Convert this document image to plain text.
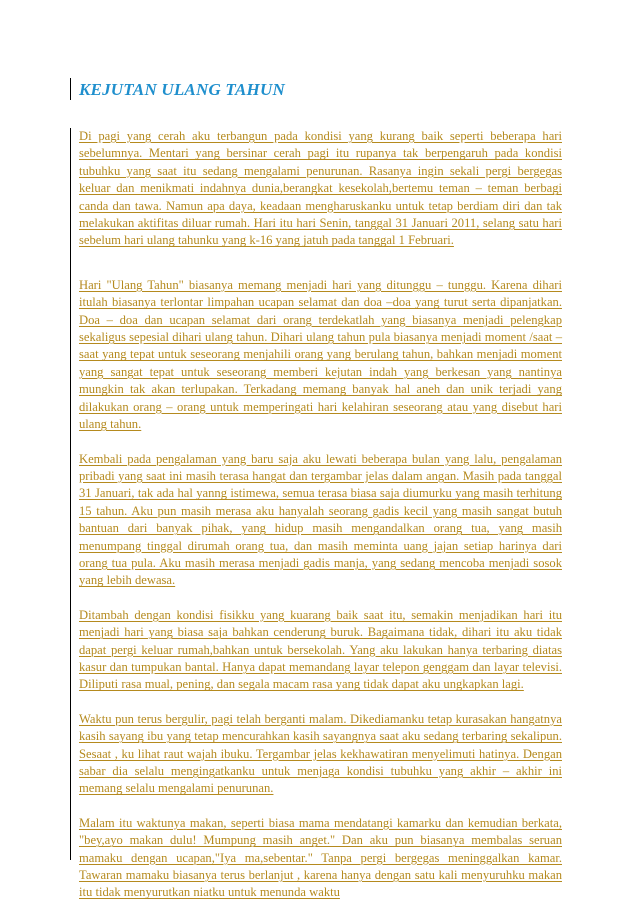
KEJUTAN ULANG TAHUN

Di pagi yang cerah aku terbangun pada kondisi yang kurang baik seperti beberapa hari sebelumnya. Mentari yang bersinar cerah pagi itu rupanya tak berpengaruh pada kondisi tubuhku yang saat itu sedang mengalami penurunan. Rasanya ingin sekali pergi bergegas keluar dan menikmati indahnya dunia,berangkat kesekolah,bertemu teman – teman berbagi canda dan tawa. Namun apa daya, keadaan mengharuskanku untuk tetap berdiam diri dan tak melakukan aktifitas diluar rumah. Hari itu hari Senin, tanggal 31 Januari 2011, selang satu hari sebelum hari ulang tahunku yang k-16 yang jatuh pada tanggal 1 Februari.

Hari "Ulang Tahun" biasanya memang menjadi hari yang ditunggu – tunggu. Karena dihari itulah biasanya terlontar limpahan ucapan selamat dan doa –doa yang turut serta dipanjatkan. Doa – doa dan ucapan selamat dari orang terdekatlah yang biasanya menjadi pelengkap sekaligus sepesial dihari ulang tahun. Dihari ulang tahun pula biasanya menjadi moment /saat – saat yang tepat untuk seseorang menjahili orang yang berulang tahun, bahkan menjadi moment yang sangat tepat untuk seseorang memberi kejutan indah yang berkesan yang nantinya mungkin tak akan terlupakan. Terkadang memang banyak hal aneh dan unik terjadi yang dilakukan orang – orang untuk memperingati hari kelahiran seseorang atau yang disebut hari ulang tahun.

Kembali pada pengalaman yang baru saja aku lewati beberapa bulan yang lalu, pengalaman pribadi yang saat ini masih terasa hangat dan tergambar jelas dalam angan. Masih pada tanggal 31 Januari, tak ada hal yanng istimewa, semua terasa biasa saja diumurku yang masih terhitung 15 tahun. Aku pun masih merasa aku hanyalah seorang gadis kecil yang masih sangat butuh bantuan dari banyak pihak, yang hidup masih mengandalkan orang tua, yang masih menumpang tinggal dirumah orang tua, dan masih meminta uang jajan setiap harinya dari orang tua pula. Aku masih merasa menjadi gadis manja, yang sedang mencoba menjadi sosok yang lebih dewasa.

Ditambah dengan kondisi fisikku yang kuarang baik saat itu, semakin menjadikan hari itu menjadi hari yang biasa saja bahkan cenderung buruk. Bagaimana tidak, dihari itu aku tidak dapat pergi keluar rumah,bahkan untuk bersekolah. Yang aku lakukan hanya terbaring diatas kasur dan tumpukan bantal. Hanya dapat memandang layar telepon genggam dan layar televisi. Diliputi rasa mual, pening, dan segala macam rasa yang tidak dapat aku ungkapkan lagi.

Waktu pun terus bergulir, pagi telah berganti malam. Dikediamanku tetap kurasakan hangatnya kasih sayang ibu yang tetap mencurahkan kasih sayangnya saat aku sedang terbaring sekalipun. Sesaat , ku lihat raut wajah ibuku. Tergambar jelas kekhawatiran menyelimuti hatinya. Dengan sabar dia selalu mengingatkanku untuk menjaga kondisi tubuhku yang akhir – akhir ini memang selalu mengalami penurunan.

Malam itu waktunya makan, seperti biasa mama mendatangi kamarku dan kemudian berkata, "bey,ayo makan dulu! Mumpung masih anget." Dan aku pun biasanya membalas seruan mamaku dengan ucapan,"Iya ma,sebentar." Tanpa pergi bergegas meninggalkan kamar. Tawaran mamaku biasanya terus berlanjut , karena hanya dengan satu kali menyuruhku makan itu tidak menyurutkan niatku untuk menunda waktu
